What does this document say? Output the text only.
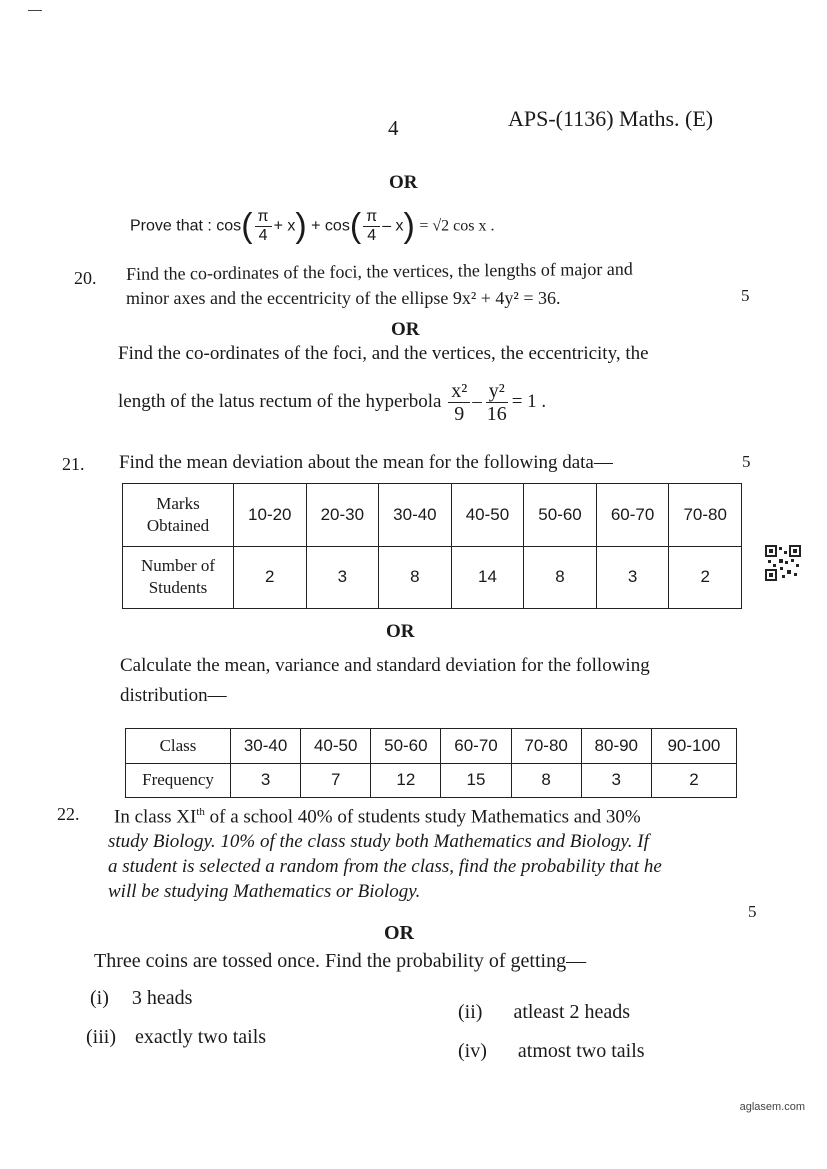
4	APS-(1136) Maths. (E)
OR
Prove that : $\cos( \frac{\pi}{4} + x) + \cos( \frac{\pi}{4} - x) = √2$ cos x .
20. Find the co-ordinates of the foci, the vertices, the lengths of major and
minor axes and the eccentricity of the ellipse 9x² + 4y² = 36.	5
OR
Find the co-ordinates of the foci, and the vertices, the eccentricity, the
length of the latus rectum of the hyperbola $\frac{\text{x²}}{9} - \frac{\text{y²}}{16} = 1$ .
21. Find the mean deviation about the mean for the following data—	5
Marks
Obtained	10-20	20-30	30-40	40-50	50-60	60-70	70-80

Number of
Students	2	3	8	14	8	3	2
OR
Calculate the mean, variance and standard deviation for the following
distribution—
Class	30-40	40-50	50-60	60-70	70-80	80-90	90-100
Frequency	3	7	12	15	8	3	2
22.	In class XIth of a school 40% of students study Mathematics and 30%
study Biology. 10% of the class study both Mathematics and Biology. If
a student is selected a random from the class, find the probability that he
will be studying Mathematics or Biology.
5
OR
Three coins are tossed once. Find the probability of getting—
(i) 3 heads
(ii) atleast 2 heads
(iii) exactly two tails
(iv) atmost two tails
aglasem.com
